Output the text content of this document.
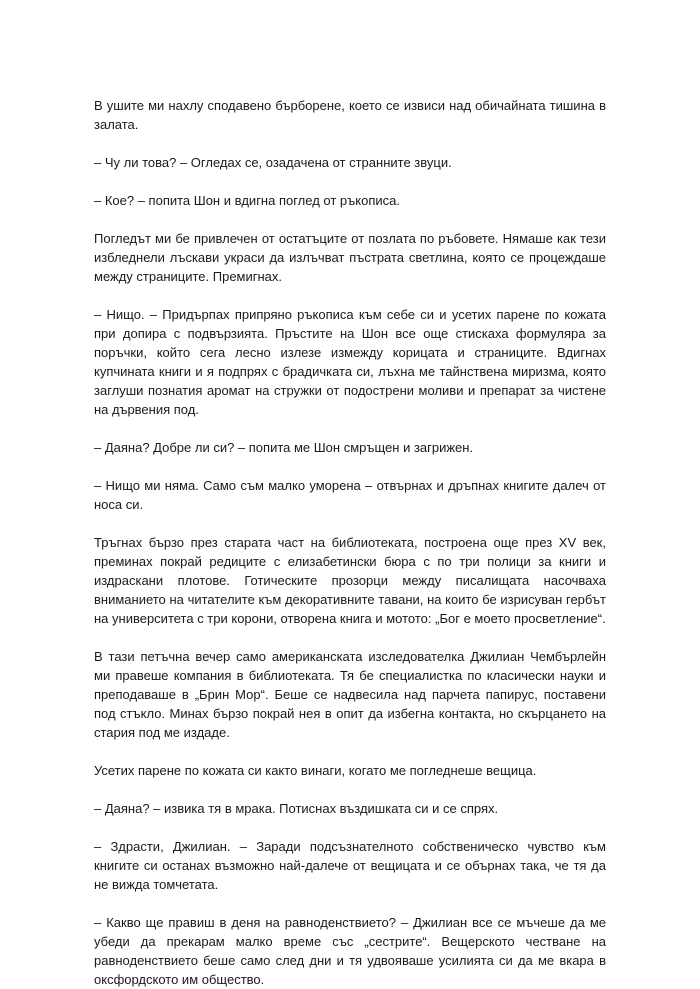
В ушите ми нахлу сподавено бърборене, което се извиси над обичайната тишина в залата.

– Чу ли това? – Огледах се, озадачена от странните звуци.

– Кое? – попита Шон и вдигна поглед от ръкописа.

Погледът ми бе привлечен от остатъците от позлата по ръбовете. Нямаше как тези избледнели лъскави украси да излъчват пъстрата светлина, която се процеждаше между страниците. Премигнах.

– Нищо. – Придърпах припряно ръкописа към себе си и усетих парене по кожата при допира с подвързията. Пръстите на Шон все още стискаха формуляра за поръчки, който сега лесно излезе измежду корицата и страниците. Вдигнах купчината книги и я подпрях с брадичката си, лъхна ме тайнствена миризма, която заглуши познатия аромат на стружки от подострени моливи и препарат за чистене на дървения под.

– Даяна? Добре ли си? – попита ме Шон смръщен и загрижен.

– Нищо ми няма. Само съм малко уморена – отвърнах и дръпнах книгите далеч от носа си.

Тръгнах бързо през старата част на библиотеката, построена още през XV век, преминах покрай редиците с елизабетински бюра с по три полици за книги и издраскани плотове. Готическите прозорци между писалищата насочваха вниманието на читателите към декоративните тавани, на които бе изрисуван гербът на университета с три корони, отворена книга и мотото: „Бог е моето просветление“.

В тази петъчна вечер само американската изследователка Джилиан Чембърлейн ми правеше компания в библиотеката. Тя бе специалистка по класически науки и преподаваше в „Брин Мор“. Беше се надвесила над парчета папирус, поставени под стъкло. Минах бързо покрай нея в опит да избегна контакта, но скърцането на стария под ме издаде.

Усетих парене по кожата си както винаги, когато ме погледнеше вещица.

– Даяна? – извика тя в мрака. Потиснах въздишката си и се спрях.

– Здрасти, Джилиан. – Заради подсъзнателното собственическо чувство към книгите си останах възможно най-далече от вещицата и се обърнах така, че тя да не вижда томчетата.

– Какво ще правиш в деня на равноденствието? – Джилиан все се мъчеше да ме убеди да прекарам малко време със „сестрите“. Вещерското честване на равноденствието беше само след дни и тя удвояваше усилията си да ме вкара в оксфордското им общество.
